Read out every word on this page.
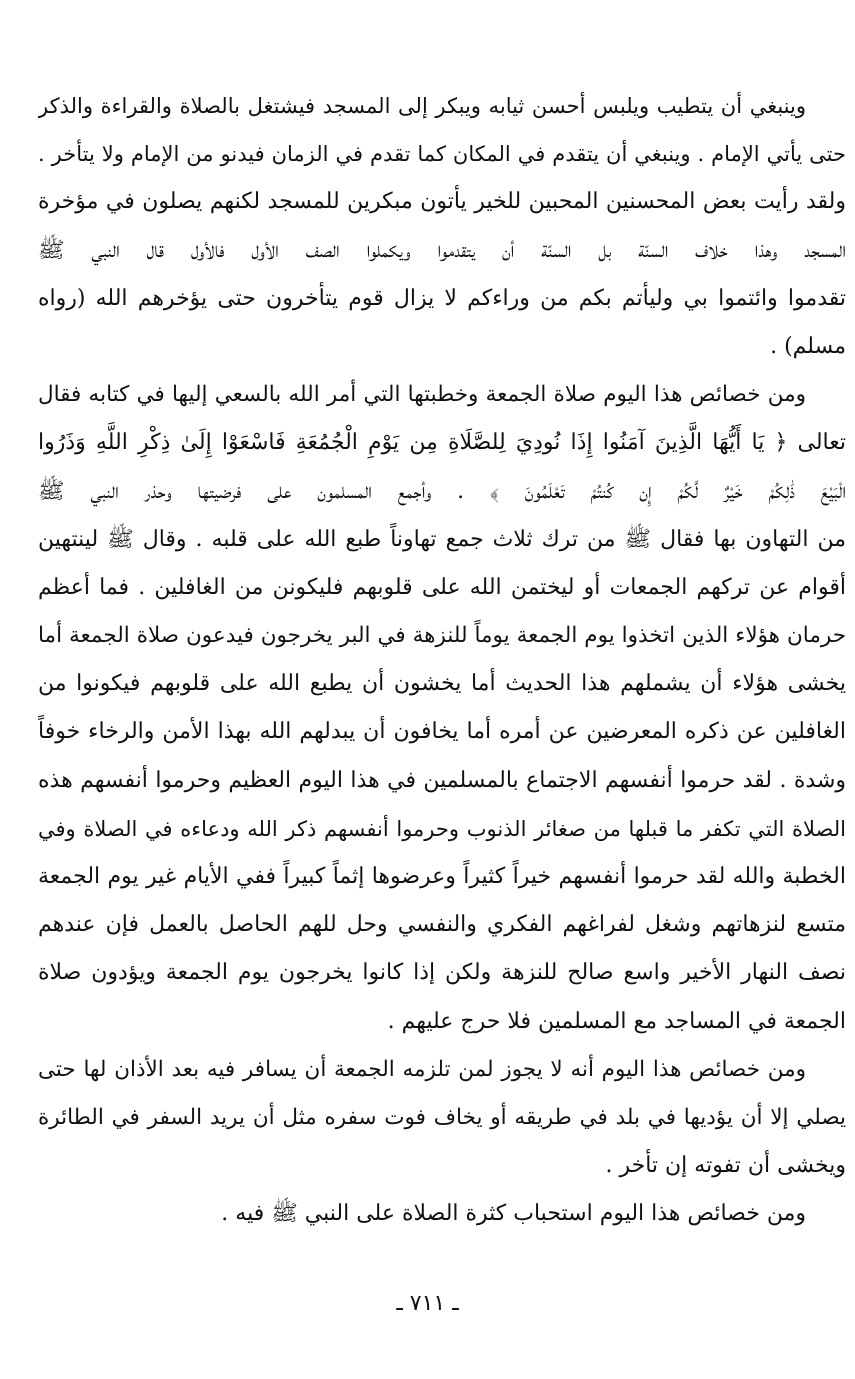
وينبغي أن يتطيب ويلبس أحسن ثيابه ويبكر إلى المسجد فيشتغل بالصلاة والقراءة والذكر
حتى يأتي الإمام . وينبغي أن يتقدم في المكان كما تقدم في الزمان فيدنو من الإمام ولا يتأخر .
ولقد رأيت بعض المحسنين المحبين للخير يأتون مبكرين للمسجد لكنهم يصلون في مؤخرة
المسجد وهذا خلاف السنّة بل السنّة أن يتقدموا ويكملوا الصف الأول فالأول قال النبي ﷺ
تقدموا وائتموا بي وليأتم بكم من وراءكم لا يزال قوم يتأخرون حتى يؤخرهم الله (رواه
مسلم) .
ومن خصائص هذا اليوم صلاة الجمعة وخطبتها التي أمر الله بالسعي إليها في كتابه فقال
تعالى ﴿ يَا أَيُّهَا الَّذِينَ آمَنُوا إِذَا نُودِيَ لِلصَّلَاةِ مِن يَوْمِ الْجُمُعَةِ فَاسْعَوْا إِلَىٰ ذِكْرِ اللَّهِ وَذَرُوا
الْبَيْعَ ذَٰلِكُمْ خَيْرٌ لَّكُمْ إِن كُنتُمْ تَعْلَمُونَ ﴾ . وأجمع المسلمون على فرضيتها وحذر النبي ﷺ
من التهاون بها فقال ﷺ من ترك ثلاث جمع تهاوناً طبع الله على قلبه . وقال ﷺ لينتهين
أقوام عن تركهم الجمعات أو ليختمن الله على قلوبهم فليكونن من الغافلين . فما أعظم
حرمان هؤلاء الذين اتخذوا يوم الجمعة يوماً للنزهة في البر يخرجون فيدعون صلاة الجمعة أما
يخشى هؤلاء أن يشملهم هذا الحديث أما يخشون أن يطبع الله على قلوبهم فيكونوا من
الغافلين عن ذكره المعرضين عن أمره أما يخافون أن يبدلهم الله بهذا الأمن والرخاء خوفاً
وشدة . لقد حرموا أنفسهم الاجتماع بالمسلمين في هذا اليوم العظيم وحرموا أنفسهم هذه
الصلاة التي تكفر ما قبلها من صغائر الذنوب وحرموا أنفسهم ذكر الله ودعاءه في الصلاة وفي
الخطبة والله لقد حرموا أنفسهم خيراً كثيراً وعرضوها إثماً كبيراً ففي الأيام غير يوم الجمعة
متسع لنزهاتهم وشغل لفراغهم الفكري والنفسي وحل للهم الحاصل بالعمل فإن عندهم
نصف النهار الأخير واسع صالح للنزهة ولكن إذا كانوا يخرجون يوم الجمعة ويؤدون صلاة
الجمعة في المساجد مع المسلمين فلا حرج عليهم .
ومن خصائص هذا اليوم أنه لا يجوز لمن تلزمه الجمعة أن يسافر فيه بعد الأذان لها حتى
يصلي إلا أن يؤديها في بلد في طريقه أو يخاف فوت سفره مثل أن يريد السفر في الطائرة
ويخشى أن تفوته إن تأخر .
ومن خصائص هذا اليوم استحباب كثرة الصلاة على النبي ﷺ فيه .
ـ ٧١١ ـ
